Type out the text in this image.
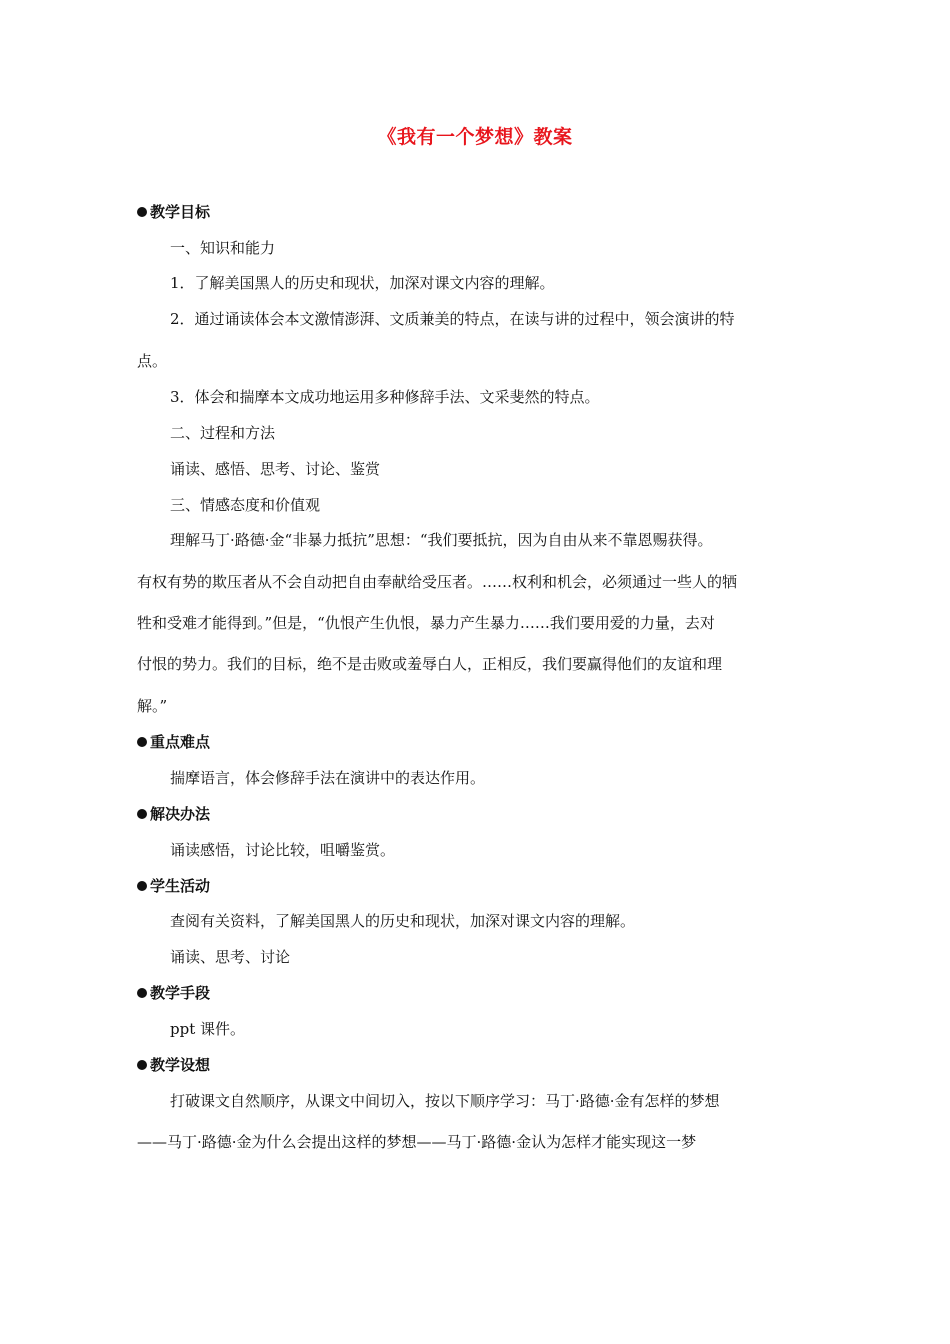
《我有一个梦想》教案
教学目标
一、知识和能力
1．了解美国黑人的历史和现状，加深对课文内容的理解。
2．通过诵读体会本文激情澎湃、文质兼美的特点，在读与讲的过程中，领会演讲的特
点。
3．体会和揣摩本文成功地运用多种修辞手法、文采斐然的特点。
二、过程和方法
诵读、感悟、思考、讨论、鉴赏
三、情感态度和价值观
理解马丁·路德·金“非暴力抵抗”思想：“我们要抵抗，因为自由从来不靠恩赐获得。
有权有势的欺压者从不会自动把自由奉献给受压者。……权利和机会，必须通过一些人的牺
牲和受难才能得到。”但是，“仇恨产生仇恨，暴力产生暴力……我们要用爱的力量，去对
付恨的势力。我们的目标，绝不是击败或羞辱白人，正相反，我们要赢得他们的友谊和理
解。”
重点难点
揣摩语言，体会修辞手法在演讲中的表达作用。
解决办法
诵读感悟，讨论比较，咀嚼鉴赏。
学生活动
查阅有关资料，了解美国黑人的历史和现状，加深对课文内容的理解。
诵读、思考、讨论
教学手段
ppt 课件。
教学设想
打破课文自然顺序，从课文中间切入，按以下顺序学习：马丁·路德·金有怎样的梦想
——马丁·路德·金为什么会提出这样的梦想——马丁·路德·金认为怎样才能实现这一梦
